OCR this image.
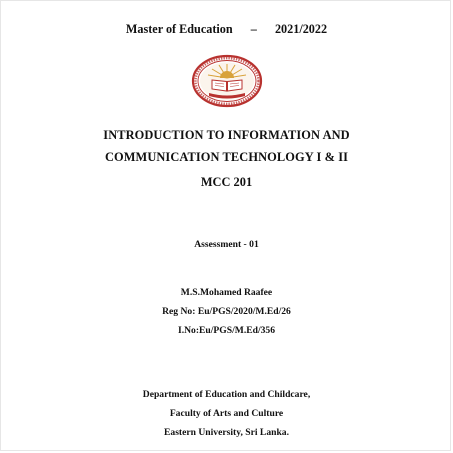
Master of Education – 2021/2022
INTRODUCTION TO INFORMATION AND
COMMUNICATION TECHNOLOGY I & II
MCC 201
Assessment - 01
M.S.Mohamed Raafee
Reg No: Eu/PGS/2020/M.Ed/26
I.No:Eu/PGS/M.Ed/356
Department of Education and Childcare,
Faculty of Arts and Culture
Eastern University, Sri Lanka.
